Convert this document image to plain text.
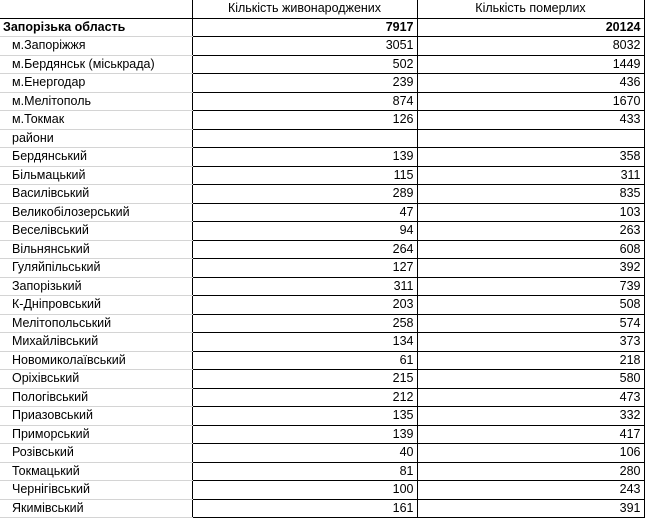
	Кількість живонароджених	Кількість померлих
Запорізька область	7917	20124
м.Запоріжжя	3051	8032
м.Бердянськ (міськрада)	502	1449
м.Енергодар	239	436
м.Мелітополь	874	1670
м.Токмак	126	433
райони		
Бердянський	139	358
Більмацький	115	311
Василівський	289	835
Великобілозерський	47	103
Веселівський	94	263
Вільнянський	264	608
Гуляйпільський	127	392
Запорізький	311	739
К-Дніпровський	203	508
Мелітопольський	258	574
Михайлівський	134	373
Новомиколаївський	61	218
Оріхівський	215	580
Пологівський	212	473
Приазовський	135	332
Приморський	139	417
Розівський	40	106
Токмацький	81	280
Чернігівський	100	243
Якимівський	161	391
